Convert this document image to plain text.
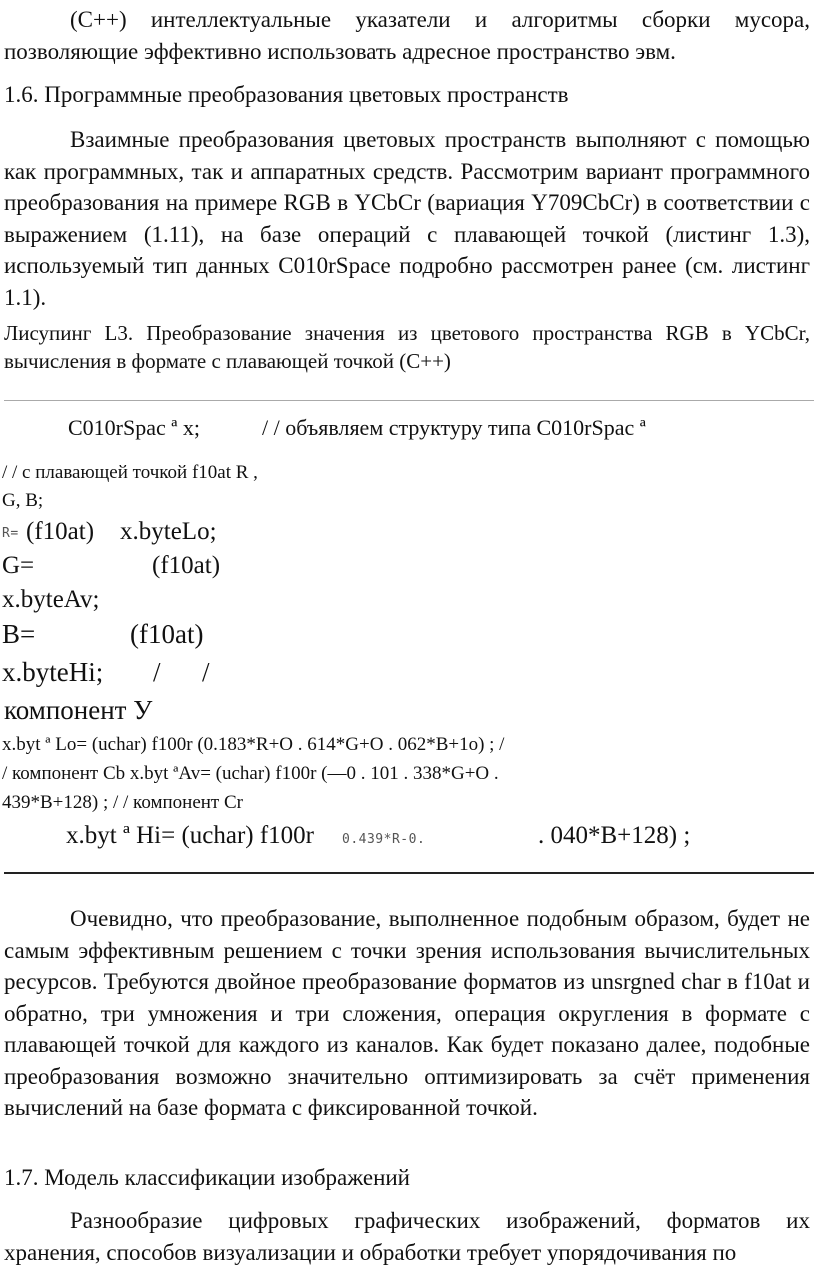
(C++) интеллектуальные указатели и алгоритмы сборки мусора, позволяющие эффективно использовать адресное пространство эвм.

1.6. Программные преобразования цветовых пространств

Взаимные преобразования цветовых пространств выполняют с помощью как программных, так и аппаратных средств. Рассмотрим вариант программного преобразования на примере RGB в YCbCr (вариация Y709CbCr) в соответствии с выражением (1.11), на базе операций с плавающей точкой (листинг 1.3), используемый тип данных C010rSpace подробно рассмотрен ранее (см. листинг 1.1).

Лисупинг L3. Преобразование значения из цветового пространства RGB в YCbCr, вычисления в формате с плавающей точкой (С++)

C010rSpac ª x;	/ / объявляем структуру типа C010rSpac ª
/ / с плавающей точкой f10at R ,
G, B;
R= (f10at) x.byteLo;
G=	(f10at)
x.byteAv;
B=	(f10at)
x.byteHi; / /
компонент У
x.byt ª Lo= (uchar) f100r (0.183*R+O . 614*G+O . 062*B+1o) ; /
/ компонент Cb x.byt ªAv= (uchar) f100r (—0 . 101 . 338*G+O .
439*B+128) ; / / компонент Cr
x.byt ª Hi= (uchar) f100r 0.439*R-0.	. 040*B+128) ;

Очевидно, что преобразование, выполненное подобным образом, будет не самым эффективным решением с точки зрения использования вычислительных ресурсов. Требуются двойное преобразование форматов из unsrgned char в f10at и обратно, три умножения и три сложения, операция округления в формате с плавающей точкой для каждого из каналов. Как будет показано далее, подобные преобразования возможно значительно оптимизировать за счёт применения вычислений на базе формата с фиксированной точкой.

1.7. Модель классификации изображений

Разнообразие цифровых графических изображений, форматов их хранения, способов визуализации и обработки требует упорядочивания по
